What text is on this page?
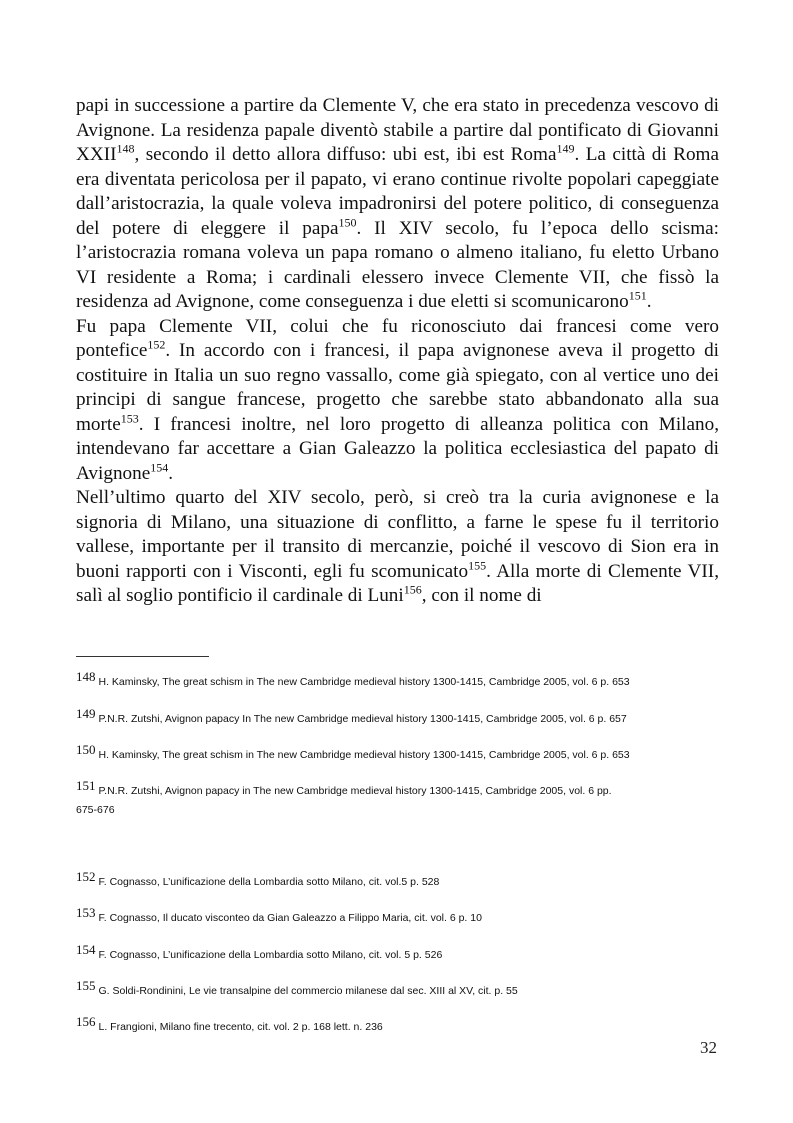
papi in successione a partire da Clemente V, che era stato in precedenza vescovo di Avignone. La residenza papale diventò stabile a partire dal pontificato di Giovanni XXII$^{148}$, secondo il detto allora diffuso: ubi est, ibi est Roma$^{149}$. La città di Roma era diventata pericolosa per il papato, vi erano continue rivolte popolari capeggiate dall’aristocrazia, la quale voleva impadronirsi del potere politico, di conseguenza del potere di eleggere il papa$^{150}$. Il XIV secolo, fu l’epoca dello scisma: l’aristocrazia romana voleva un papa romano o almeno italiano, fu eletto Urbano VI residente a Roma; i cardinali elessero invece Clemente VII, che fissò la residenza ad Avignone, come conseguenza i due eletti si scomunicarono$^{151}$.

Fu papa Clemente VII, colui che fu riconosciuto dai francesi come vero pontefice$^{152}$. In accordo con i francesi, il papa avignonese aveva il progetto di costituire in Italia un suo regno vassallo, come già spiegato, con al vertice uno dei principi di sangue francese, progetto che sarebbe stato abbandonato alla sua morte$^{153}$. I francesi inoltre, nel loro progetto di alleanza politica con Milano, intendevano far accettare a Gian Galeazzo la politica ecclesiastica del papato di Avignone$^{154}$.

Nell’ultimo quarto del XIV secolo, però, si creò tra la curia avignonese e la signoria di Milano, una situazione di conflitto, a farne le spese fu il territorio vallese, importante per il transito di mercanzie, poiché il vescovo di Sion era in buoni rapporti con i Visconti, egli fu scomunicato$^{155}$. Alla morte di Clemente VII, salì al soglio pontificio il cardinale di Luni$^{156}$, con il nome di

148 H. Kaminsky, The great schism in The new Cambridge medieval history 1300-1415, Cambridge 2005, vol. 6 p. 653
149 P.N.R. Zutshi, Avignon papacy In The new Cambridge medieval history 1300-1415, Cambridge 2005, vol. 6 p. 657
150 H. Kaminsky, The great schism in The new Cambridge medieval history 1300-1415, Cambridge 2005, vol. 6 p. 653
151 P.N.R. Zutshi, Avignon papacy in The new Cambridge medieval history 1300-1415, Cambridge 2005, vol. 6 pp.
675-676
152 F. Cognasso, L’unificazione della Lombardia sotto Milano, cit. vol.5 p. 528
153 F. Cognasso, Il ducato visconteo da Gian Galeazzo a Filippo Maria, cit. vol. 6 p. 10
154 F. Cognasso, L’unificazione della Lombardia sotto Milano, cit. vol. 5 p. 526
155 G. Soldi-Rondinini, Le vie transalpine del commercio milanese dal sec. XIII al XV, cit. p. 55
156 L. Frangioni, Milano fine trecento, cit. vol. 2 p. 168 lett. n. 236
32
